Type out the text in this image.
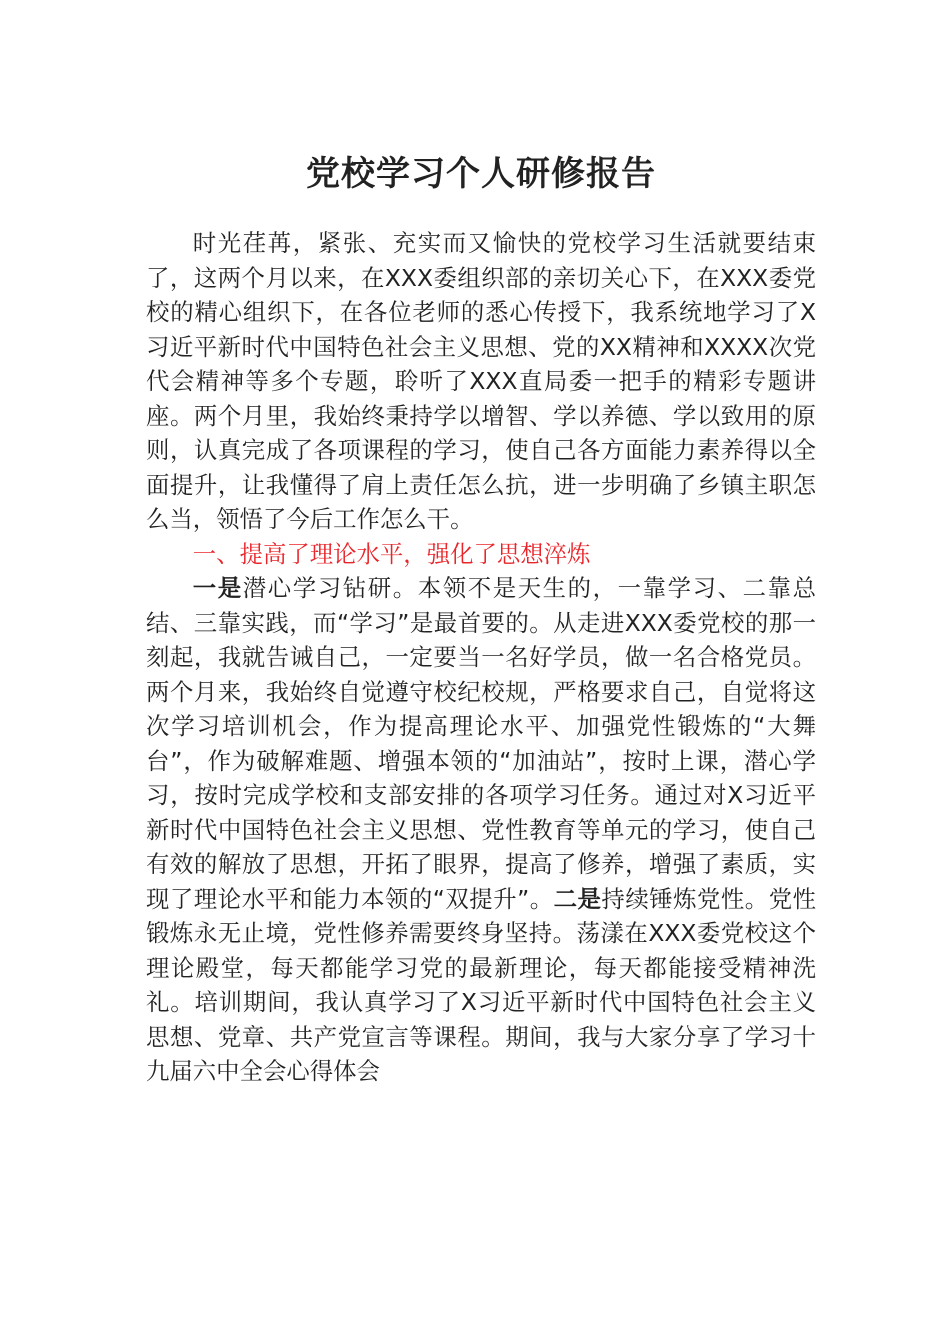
党校学习个人研修报告

时光荏苒，紧张、充实而又愉快的党校学习生活就要结束了，这两个月以来，在XXX委组织部的亲切关心下，在XXX委党校的精心组织下，在各位老师的悉心传授下，我系统地学习了X习近平新时代中国特色社会主义思想、党的XX精神和XXXX次党代会精神等多个专题，聆听了XXX直局委一把手的精彩专题讲座。两个月里，我始终秉持学以增智、学以养德、学以致用的原则，认真完成了各项课程的学习，使自己各方面能力素养得以全面提升，让我懂得了肩上责任怎么抗，进一步明确了乡镇主职怎么当，领悟了今后工作怎么干。

一、提高了理论水平，强化了思想淬炼

一是潜心学习钻研。本领不是天生的，一靠学习、二靠总结、三靠实践，而“学习”是最首要的。从走进XXX委党校的那一刻起，我就告诫自己，一定要当一名好学员，做一名合格党员。两个月来，我始终自觉遵守校纪校规，严格要求自己，自觉将这次学习培训机会，作为提高理论水平、加强党性锻炼的“大舞台”，作为破解难题、增强本领的“加油站”，按时上课，潜心学习，按时完成学校和支部安排的各项学习任务。通过对X习近平新时代中国特色社会主义思想、党性教育等单元的学习，使自己有效的解放了思想，开拓了眼界，提高了修养，增强了素质，实现了理论水平和能力本领的“双提升”。二是持续锤炼党性。党性锻炼永无止境，党性修养需要终身坚持。荡漾在XXX委党校这个理论殿堂，每天都能学习党的最新理论，每天都能接受精神洗礼。培训期间，我认真学习了X习近平新时代中国特色社会主义思想、党章、共产党宣言等课程。期间，我与大家分享了学习十九届六中全会心得体会
